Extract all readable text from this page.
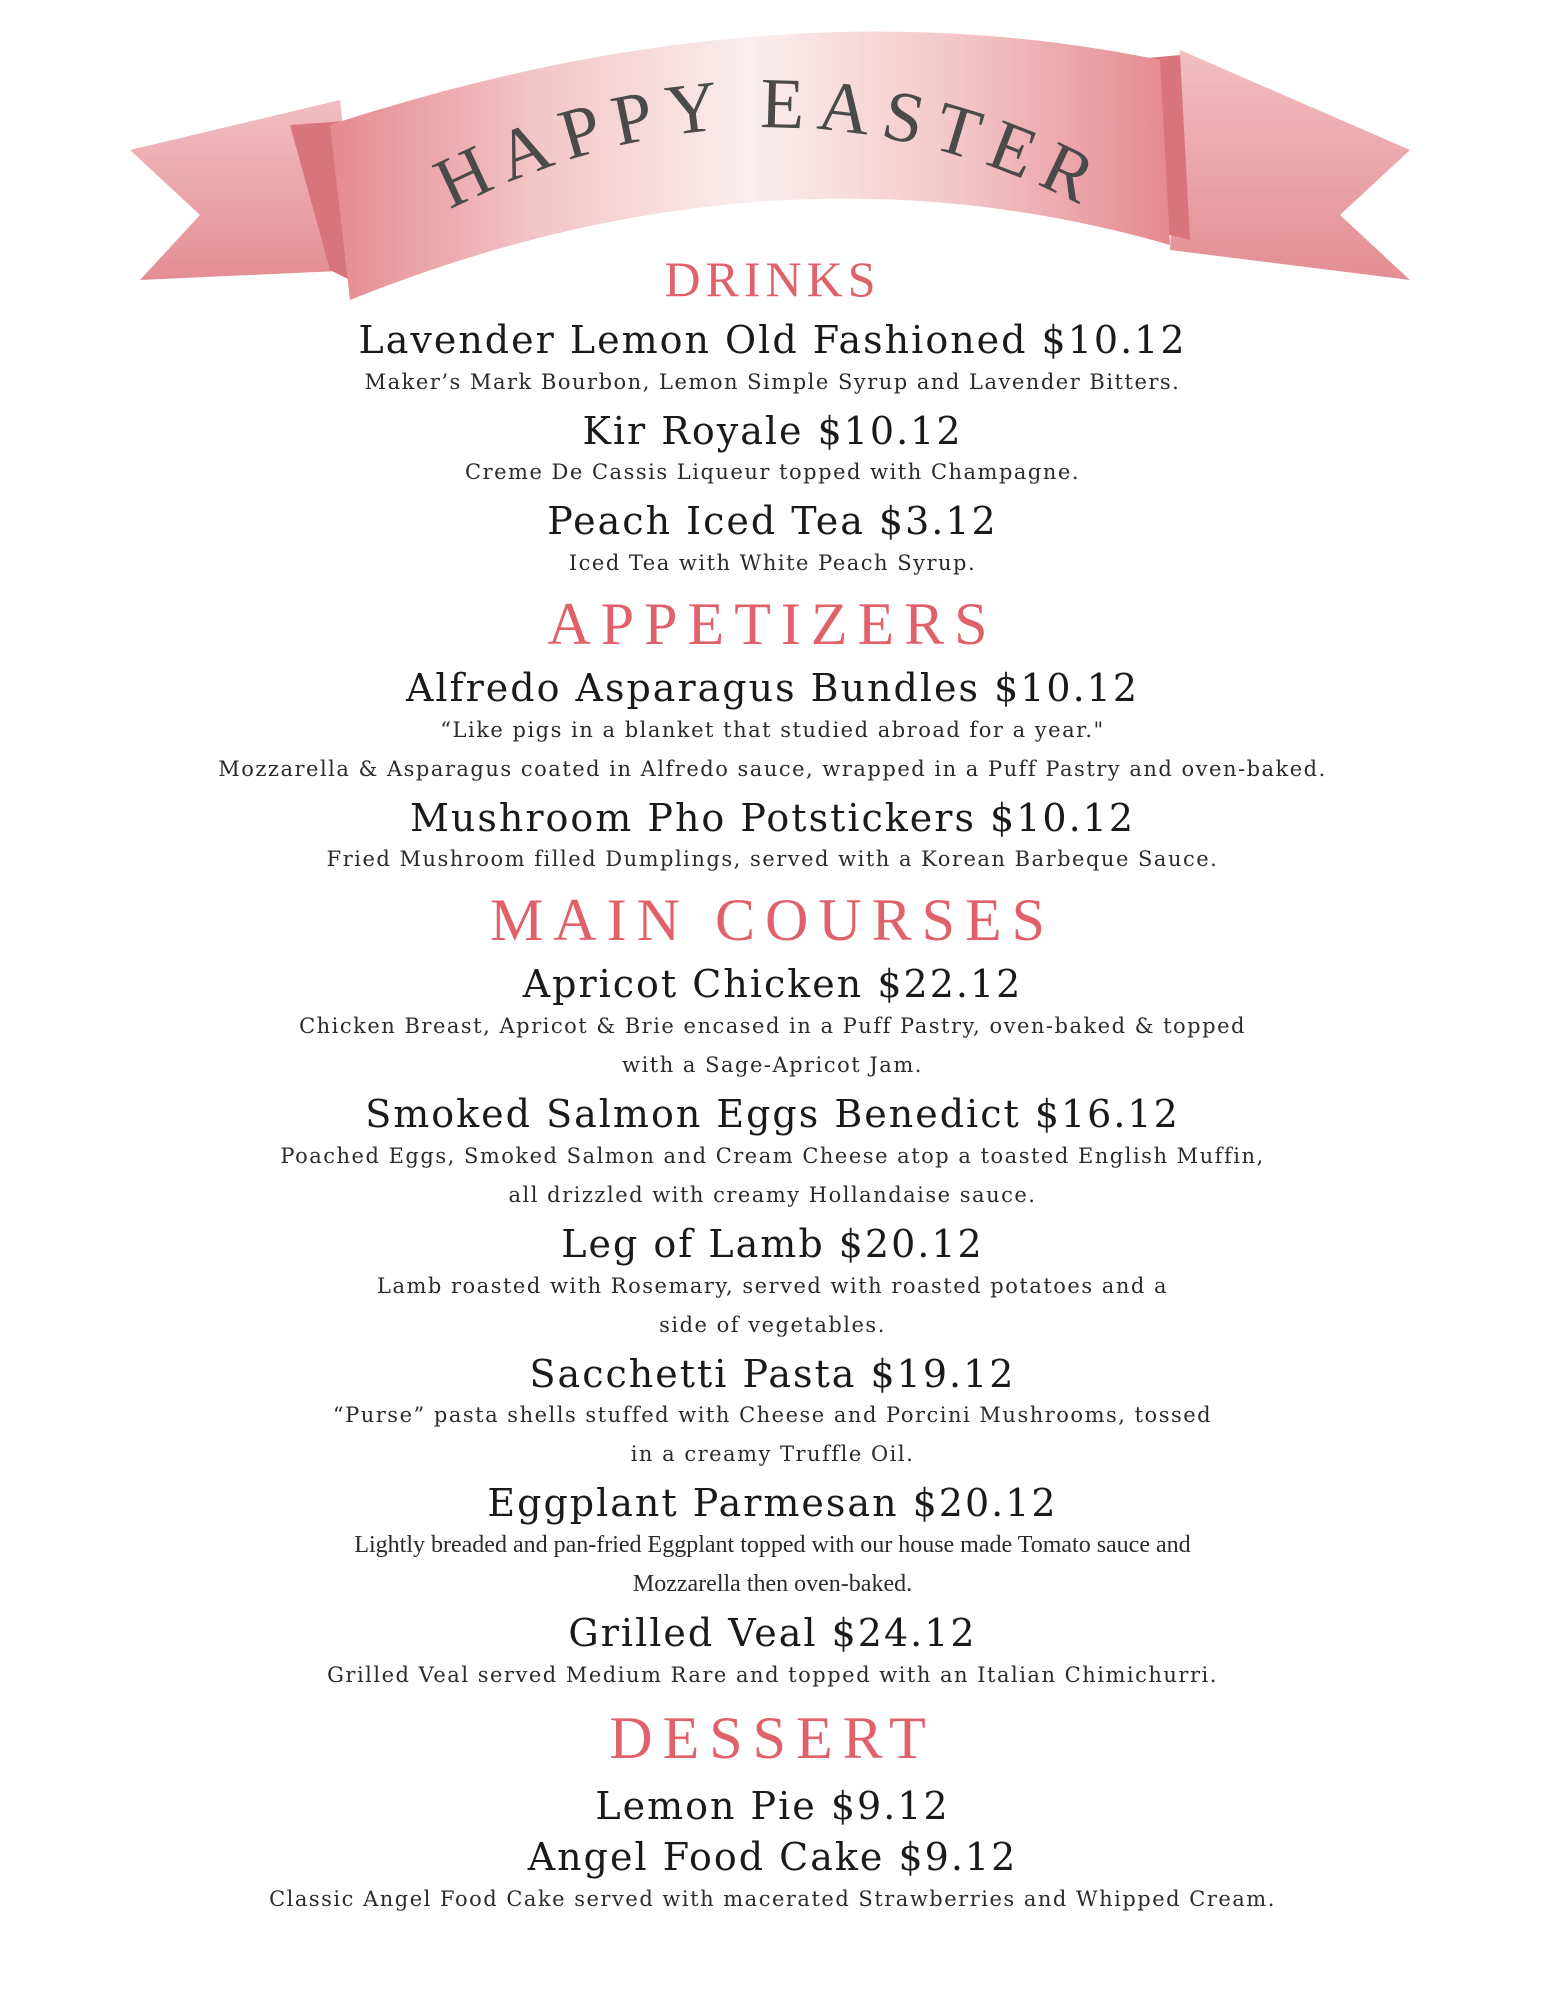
HAPPY EASTER
DRINKS

Lavender Lemon Old Fashioned $10.12

Maker’s Mark Bourbon, Lemon Simple Syrup and Lavender Bitters.

Kir Royale $10.12

Creme De Cassis Liqueur topped with Champagne.

Peach Iced Tea $3.12

Iced Tea with White Peach Syrup.

APPETIZERS

Alfredo Asparagus Bundles $10.12

“Like pigs in a blanket that studied abroad for a year."
Mozzarella & Asparagus coated in Alfredo sauce, wrapped in a Puff Pastry and oven-baked.

Mushroom Pho Potstickers $10.12

Fried Mushroom filled Dumplings, served with a Korean Barbeque Sauce.

MAIN COURSES

Apricot Chicken $22.12

Chicken Breast, Apricot & Brie encased in a Puff Pastry, oven-baked & topped
with a Sage-Apricot Jam.

Smoked Salmon Eggs Benedict $16.12

Poached Eggs, Smoked Salmon and Cream Cheese atop a toasted English Muffin,
all drizzled with creamy Hollandaise sauce.

Leg of Lamb $20.12

Lamb roasted with Rosemary, served with roasted potatoes and a
side of vegetables.

Sacchetti Pasta $19.12

“Purse” pasta shells stuffed with Cheese and Porcini Mushrooms, tossed
in a creamy Truffle Oil.

Eggplant Parmesan $20.12

Lightly breaded and pan-fried Eggplant topped with our house made Tomato sauce and
Mozzarella then oven-baked.

Grilled Veal $24.12

Grilled Veal served Medium Rare and topped with an Italian Chimichurri.

DESSERT

Lemon Pie $9.12

Angel Food Cake $9.12

Classic Angel Food Cake served with macerated Strawberries and Whipped Cream.
